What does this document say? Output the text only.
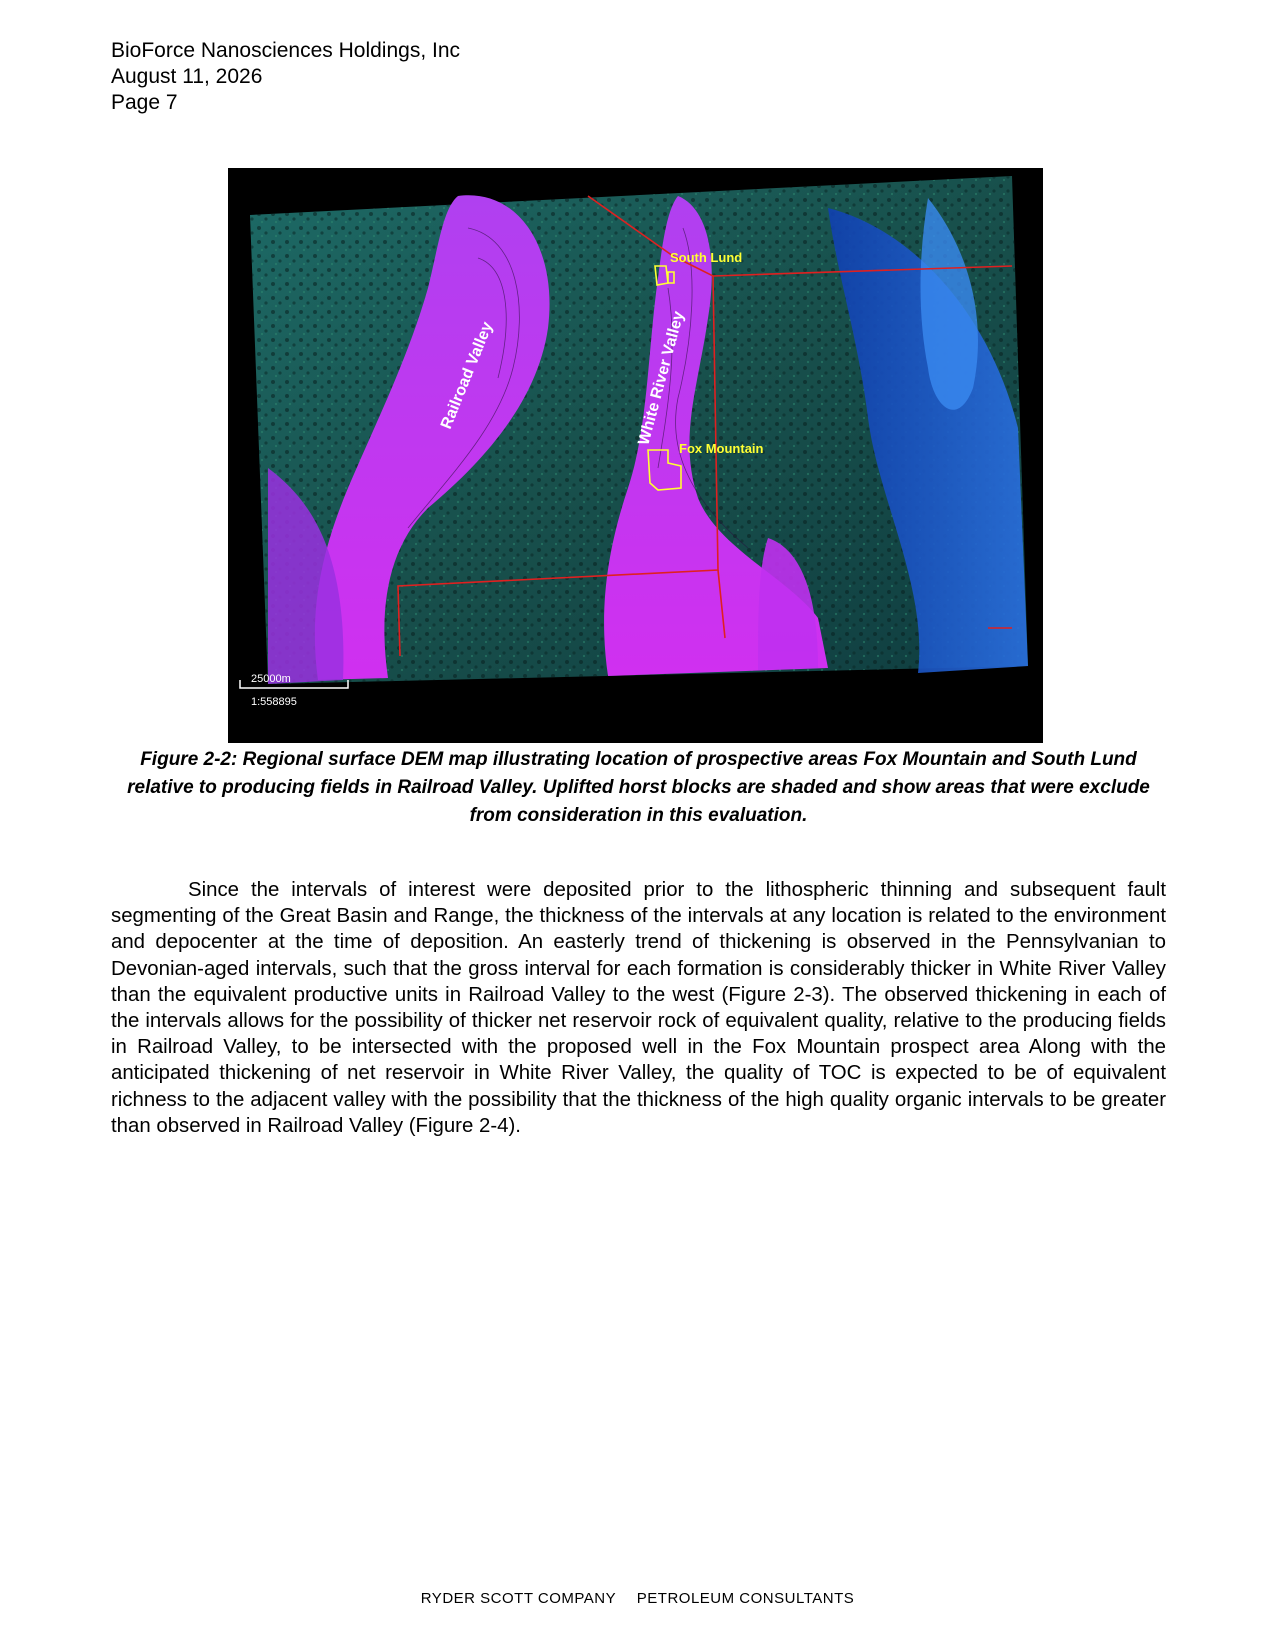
BioForce Nanosciences Holdings, Inc
August 11, 2026
Page 7
South Lund
Fox Mountain
Railroad Valley	White River Valley
25000m
1:558895
Figure 2-2: Regional surface DEM map illustrating location of prospective areas Fox Mountain and South Lund relative to producing fields in Railroad Valley. Uplifted horst blocks are shaded and show areas that were exclude from consideration in this evaluation.

Since the intervals of interest were deposited prior to the lithospheric thinning and subsequent fault segmenting of the Great Basin and Range, the thickness of the intervals at any location is related to the environment and depocenter at the time of deposition. An easterly trend of thickening is observed in the Pennsylvanian to Devonian-aged intervals, such that the gross interval for each formation is considerably thicker in White River Valley than the equivalent productive units in Railroad Valley to the west (Figure 2-3). The observed thickening in each of the intervals allows for the possibility of thicker net reservoir rock of equivalent quality, relative to the producing fields in Railroad Valley, to be intersected with the proposed well in the Fox Mountain prospect area Along with the anticipated thickening of net reservoir in White River Valley, the quality of TOC is expected to be of equivalent richness to the adjacent valley with the possibility that the thickness of the high quality organic intervals to be greater than observed in Railroad Valley (Figure 2-4).

RYDER SCOTT COMPANY PETROLEUM CONSULTANTS
